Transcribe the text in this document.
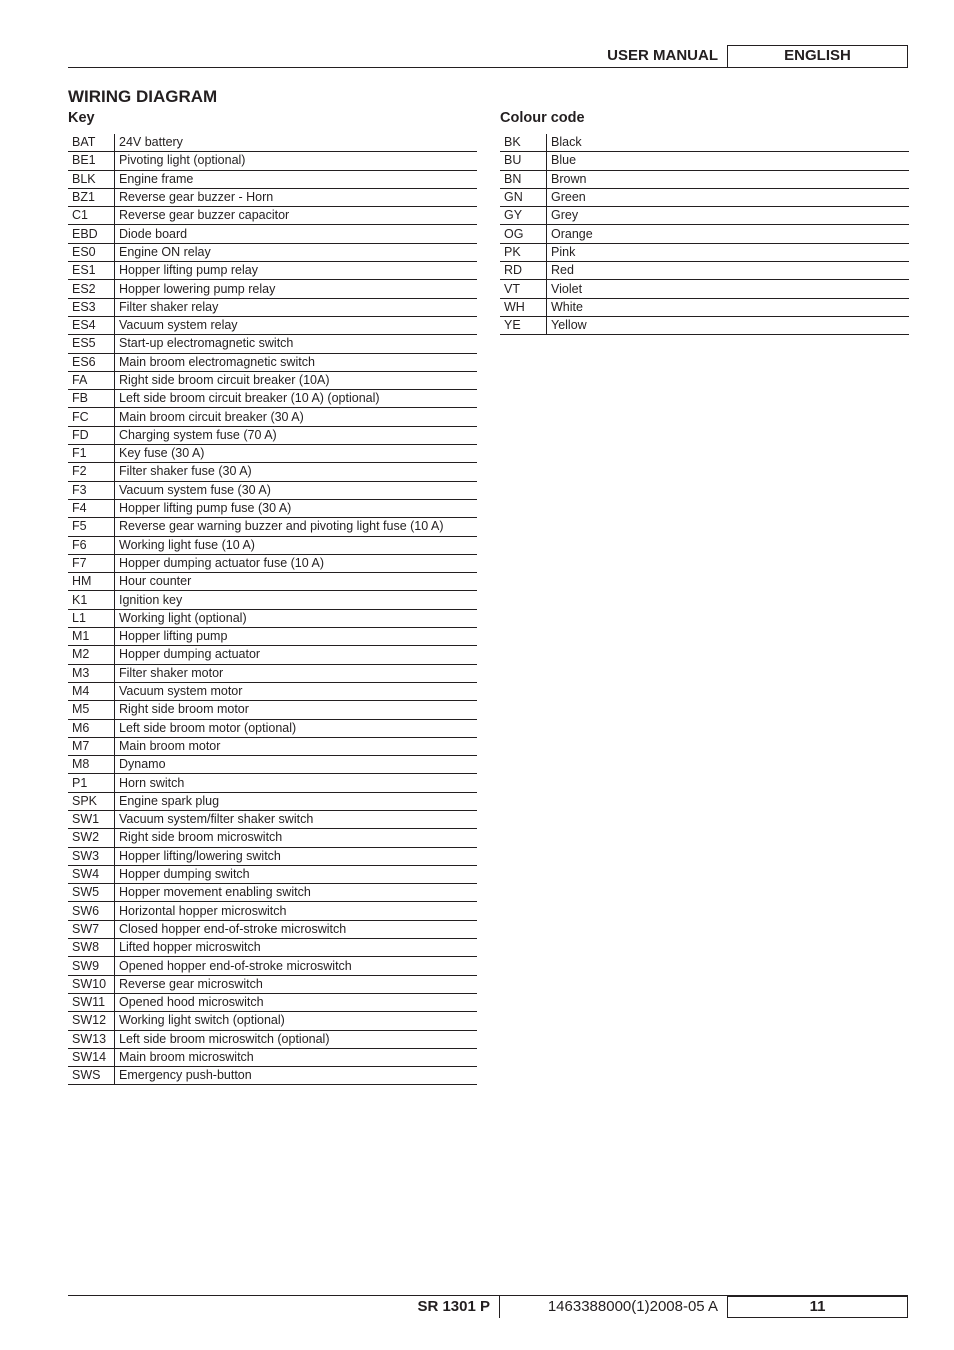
USER MANUAL	ENGLISH
WIRING DIAGRAM
Key	Colour code
BAT	24V battery
BE1	Pivoting light (optional)
BLK	Engine frame
BZ1	Reverse gear buzzer - Horn
C1	Reverse gear buzzer capacitor
EBD	Diode board
ES0	Engine ON relay
ES1	Hopper lifting pump relay
ES2	Hopper lowering pump relay
ES3	Filter shaker relay
ES4	Vacuum system relay
ES5	Start-up electromagnetic switch
ES6	Main broom electromagnetic switch
FA	Right side broom circuit breaker (10A)
FB	Left side broom circuit breaker (10 A) (optional)
FC	Main broom circuit breaker (30 A)
FD	Charging system fuse (70 A)
F1	Key fuse (30 A)
F2	Filter shaker fuse (30 A)
F3	Vacuum system fuse (30 A)
F4	Hopper lifting pump fuse (30 A)
F5	Reverse gear warning buzzer and pivoting light fuse (10 A)
F6	Working light fuse (10 A)
F7	Hopper dumping actuator fuse (10 A)
HM	Hour counter
K1	Ignition key
L1	Working light (optional)
M1	Hopper lifting pump
M2	Hopper dumping actuator
M3	Filter shaker motor
M4	Vacuum system motor
M5	Right side broom motor
M6	Left side broom motor (optional)
M7	Main broom motor
M8	Dynamo
P1	Horn switch
SPK	Engine spark plug
SW1	Vacuum system/filter shaker switch
SW2	Right side broom microswitch
SW3	Hopper lifting/lowering switch
SW4	Hopper dumping switch
SW5	Hopper movement enabling switch
SW6	Horizontal hopper microswitch
SW7	Closed hopper end-of-stroke microswitch
SW8	Lifted hopper microswitch
SW9	Opened hopper end-of-stroke microswitch
SW10	Reverse gear microswitch
SW11	Opened hood microswitch
SW12	Working light switch (optional)
SW13	Left side broom microswitch (optional)
SW14	Main broom microswitch
SWS	Emergency push-button
BK	Black
BU	Blue
BN	Brown
GN	Green
GY	Grey
OG	Orange
PK	Pink
RD	Red
VT	Violet
WH	White
YE	Yellow
SR 1301 P	1463388000(1)2008-05 A	11
